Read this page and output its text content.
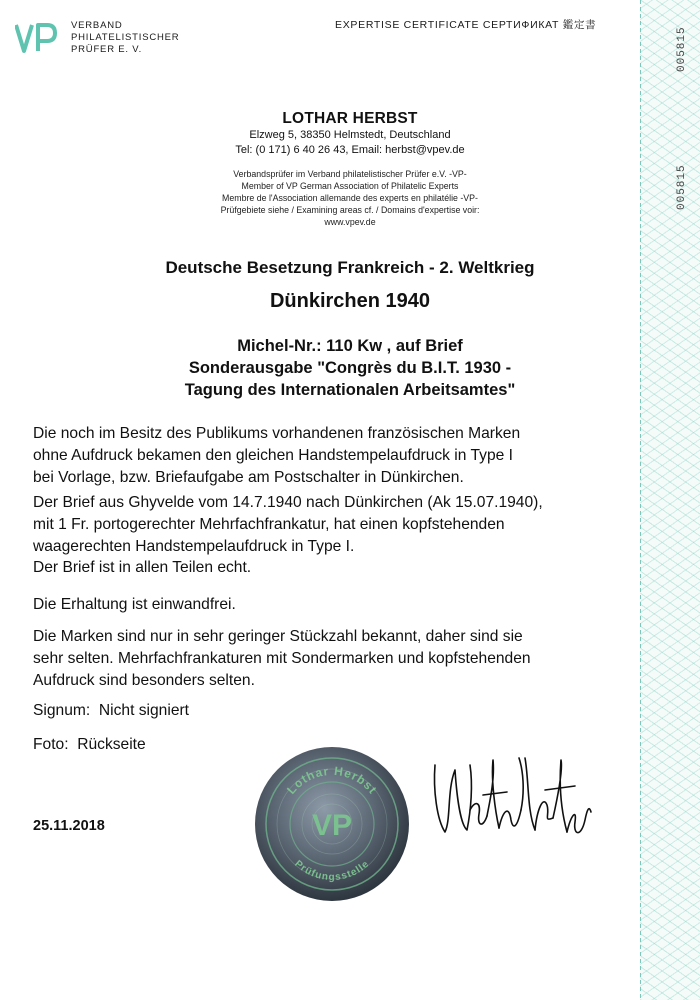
005815
005815
VERBAND
PHILATELISTISCHER
PRÜFER E. V.
EXPERTISE CERTIFICATE СЕРТИФИКАТ 鑑定書
LOTHAR HERBST
Elzweg 5, 38350 Helmstedt, Deutschland
Tel: (0 171) 6 40 26 43, Email: herbst@vpev.de
Verbandsprüfer im Verband philatelistischer Prüfer e.V. -VP-
Member of VP German Association of Philatelic Experts
Membre de l'Association allemande des experts en philatélie -VP-
Prüfgebiete siehe / Examining areas cf. / Domains d'expertise voir:
www.vpev.de
Deutsche Besetzung Frankreich - 2. Weltkrieg
Dünkirchen 1940
Michel-Nr.: 110 Kw , auf Brief
Sonderausgabe "Congrès du B.I.T. 1930 -
Tagung des Internationalen Arbeitsamtes"
Die noch im Besitz des Publikums vorhandenen französischen Marken
ohne Aufdruck bekamen den gleichen Handstempelaufdruck in Type I
bei Vorlage, bzw. Briefaufgabe am Postschalter in Dünkirchen.
Der Brief aus Ghyvelde vom 14.7.1940 nach Dünkirchen (Ak 15.07.1940),
mit 1 Fr. portogerechter Mehrfachfrankatur, hat einen kopfstehenden
waagerechten Handstempelaufdruck in Type I.
Der Brief ist in allen Teilen echt.
Die Erhaltung ist einwandfrei.
Die Marken sind nur in sehr geringer Stückzahl bekannt, daher sind sie
sehr selten. Mehrfachfrankaturen mit Sondermarken und kopfstehenden
Aufdruck sind besonders selten.
Signum: Nicht signiert
Foto: Rückseite
25.11.2018
Lothar Herbst
VP
Prüfungsstelle
